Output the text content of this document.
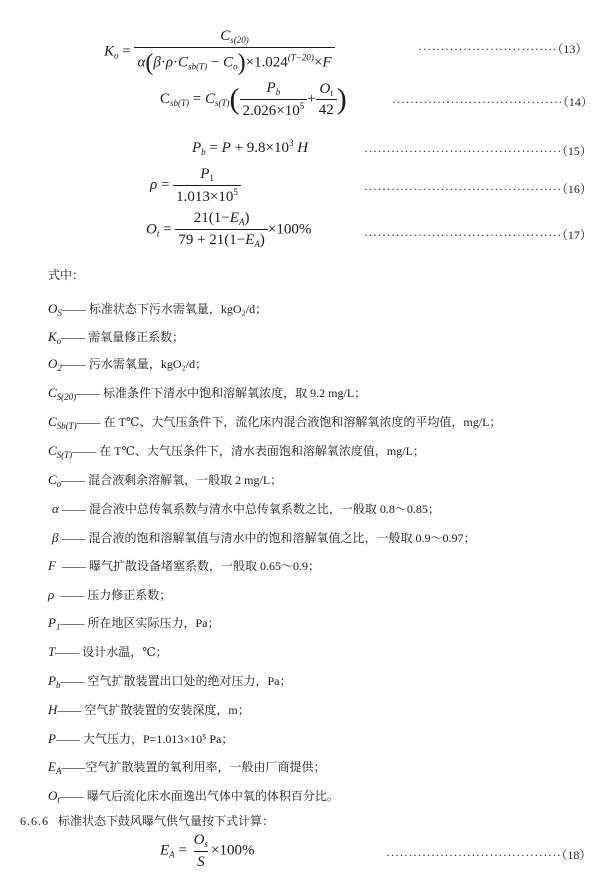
$K_o = \frac{C_{s(20)}}{\alpha(\beta\cdot\rho\cdot C_{sb(T)} - C_o)\times 1.024^{(T-20)}\times F}$	·······························（13）
$C_{sb(T)} = C_{s(T)}( \frac{P_b}{2.026\times 10^5} + \frac{O_t}{42}$ )	······································（14）
$P_b = P + 9.8\times 10^3$ H	············································（15）
$\rho = \frac{P_1}{1.013\times 10^5}$	············································（16）
$O_t = \frac{21(1-E_A)}{79 + 21(1-E_A)} \times 100\%$	············································（17）
式中：
$O_S——$ 标准状态下污水需氧量，kgO₂/d；
$K_o——$ 需氧量修正系数；
$O_2——$ 污水需氧量，kgO₂/d；
$C_{S(20)}——$ 标准条件下清水中饱和溶解氧浓度，取 9.2 mg/L；
$C_{Sb(T)}——$ 在 T℃、大气压条件下，流化床内混合液饱和溶解氧浓度的平均值，mg/L；
$C_{S(T)}——$ 在 T℃、大气压条件下，清水表面饱和溶解氧浓度值，mg/L；
$C_o——$ 混合液剩余溶解氧，一般取 2 mg/L；
α —— 混合液中总传氧系数与清水中总传氧系数之比，一般取 0.8～0.85；
β —— 混合液的饱和溶解氧值与清水中的饱和溶解氧值之比，一般取 0.9～0.97；
F  —— 曝气扩散设备堵塞系数，一般取 0.65～0.9；
ρ  —— 压力修正系数；
$P_1——$ 所在地区实际压力，Pa；
T—— 设计水温，℃；
$P_b——$ 空气扩散装置出口处的绝对压力，Pa；
H—— 空气扩散装置的安装深度，m；
P—— 大气压力，P=1.013×10⁵ Pa；
$E_A——$空气扩散装置的氧利用率，一般由厂商提供；
$O_t——$ 曝气后流化床水面逸出气体中氧的体积百分比。
6.6.6 标准状态下鼓风曝气供气量按下式计算：
$E_A = \frac{O_s}{S} \times 100\%$	·······································（18）
